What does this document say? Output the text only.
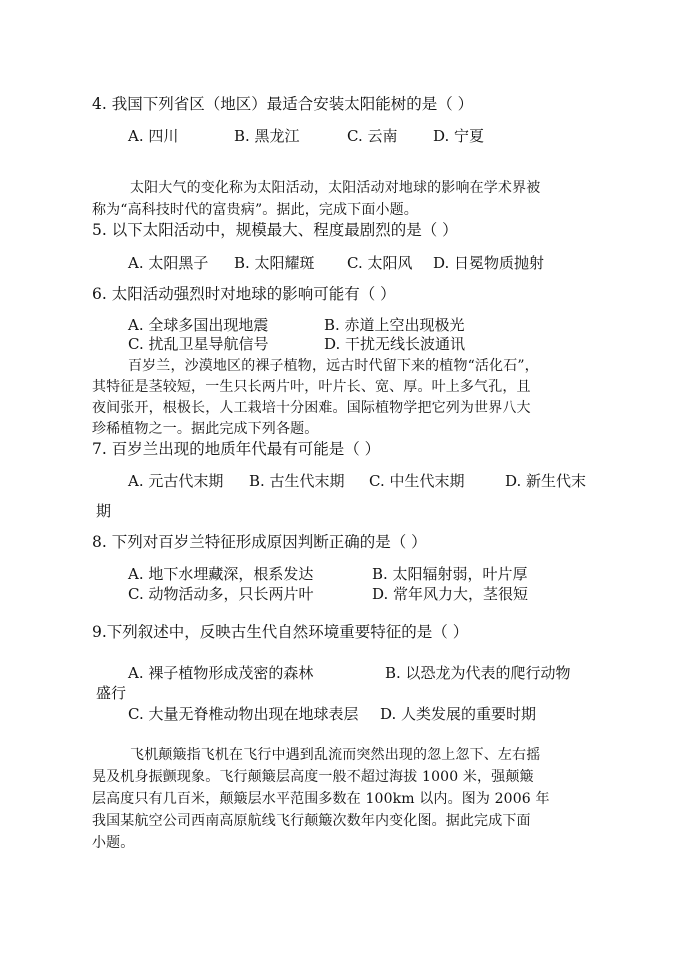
4. 我国下列省区（地区）最适合安装太阳能树的是（ ）
A. 四川	B. 黑龙江	C. 云南 D. 宁夏
太阳大气的变化称为太阳活动，太阳活动对地球的影响在学术界被
称为“高科技时代的富贵病”。据此，完成下面小题。
5. 以下太阳活动中，规模最大、程度最剧烈的是（ ）
A. 太阳黑子 B. 太阳耀斑 C. 太阳风 D. 日冕物质抛射
6. 太阳活动强烈时对地球的影响可能有（ ）
A. 全球多国出现地震	B. 赤道上空出现极光
C. 扰乱卫星导航信号	D. 干扰无线长波通讯
百岁兰，沙漠地区的裸子植物，远古时代留下来的植物“活化石”，
其特征是茎较短，一生只长两片叶，叶片长、宽、厚。叶上多气孔，且
夜间张开，根极长，人工栽培十分困难。国际植物学把它列为世界八大
珍稀植物之一。据此完成下列各题。
7. 百岁兰出现的地质年代最有可能是（ ）
A. 元古代末期 B. 古生代末期 C. 中生代末期	D. 新生代末
期
8. 下列对百岁兰特征形成原因判断正确的是（ ）
A. 地下水埋藏深，根系发达	B. 太阳辐射弱，叶片厚
C. 动物活动多，只长两片叶	D. 常年风力大，茎很短
9.下列叙述中，反映古生代自然环境重要特征的是（ ）
A. 裸子植物形成茂密的森林	B. 以恐龙为代表的爬行动物
盛行
C. 大量无脊椎动物出现在地球表层 D. 人类发展的重要时期
飞机颠簸指飞机在飞行中遇到乱流而突然出现的忽上忽下、左右摇
晃及机身振颤现象。飞行颠簸层高度一般不超过海拔 1000 米，强颠簸
层高度只有几百米，颠簸层水平范围多数在 100km 以内。图为 2006 年
我国某航空公司西南高原航线飞行颠簸次数年内变化图。据此完成下面
小题。
